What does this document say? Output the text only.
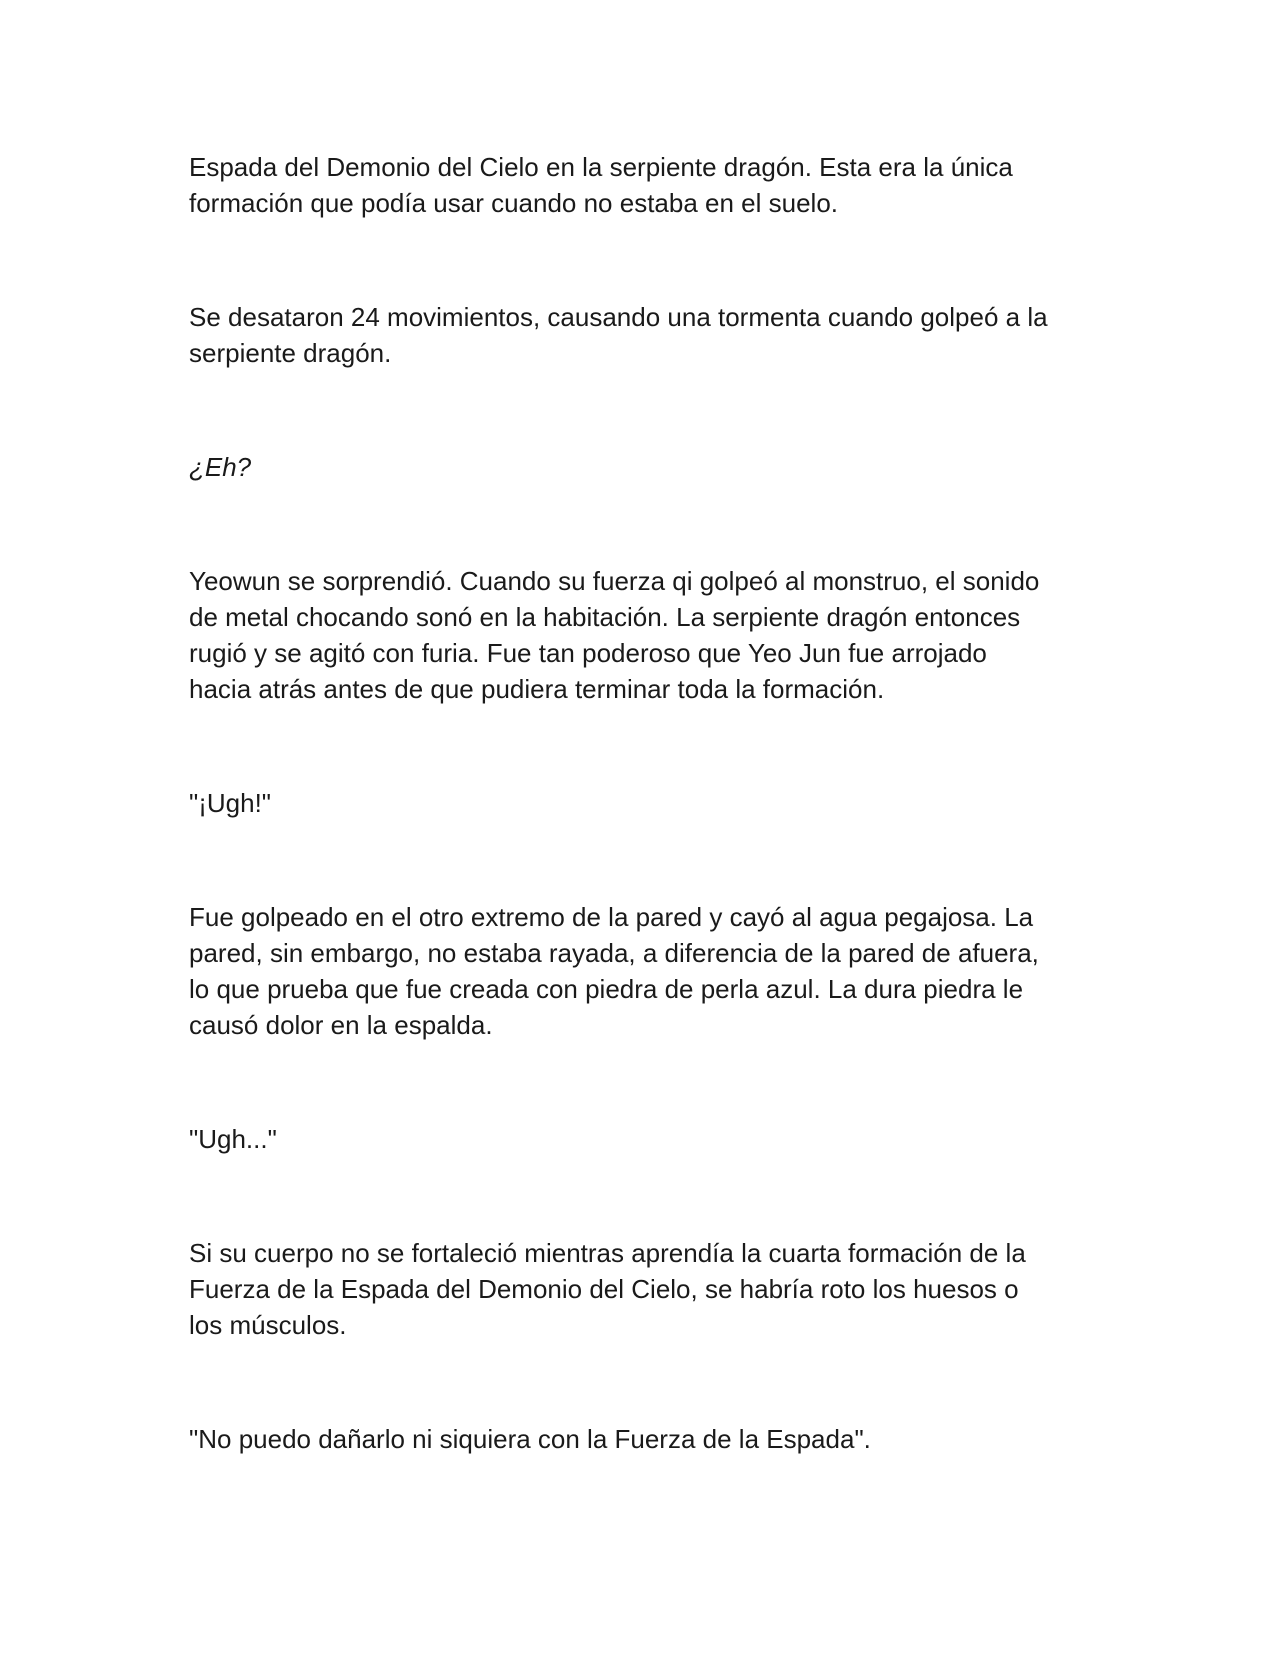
Espada del Demonio del Cielo en la serpiente dragón. Esta era la única
formación que podía usar cuando no estaba en el suelo.

Se desataron 24 movimientos, causando una tormenta cuando golpeó a la
serpiente dragón.

¿Eh?

Yeowun se sorprendió. Cuando su fuerza qi golpeó al monstruo, el sonido
de metal chocando sonó en la habitación. La serpiente dragón entonces
rugió y se agitó con furia. Fue tan poderoso que Yeo Jun fue arrojado
hacia atrás antes de que pudiera terminar toda la formación.

"¡Ugh!"

Fue golpeado en el otro extremo de la pared y cayó al agua pegajosa. La
pared, sin embargo, no estaba rayada, a diferencia de la pared de afuera,
lo que prueba que fue creada con piedra de perla azul. La dura piedra le
causó dolor en la espalda.

"Ugh..."

Si su cuerpo no se fortaleció mientras aprendía la cuarta formación de la
Fuerza de la Espada del Demonio del Cielo, se habría roto los huesos o
los músculos.

"No puedo dañarlo ni siquiera con la Fuerza de la Espada".
